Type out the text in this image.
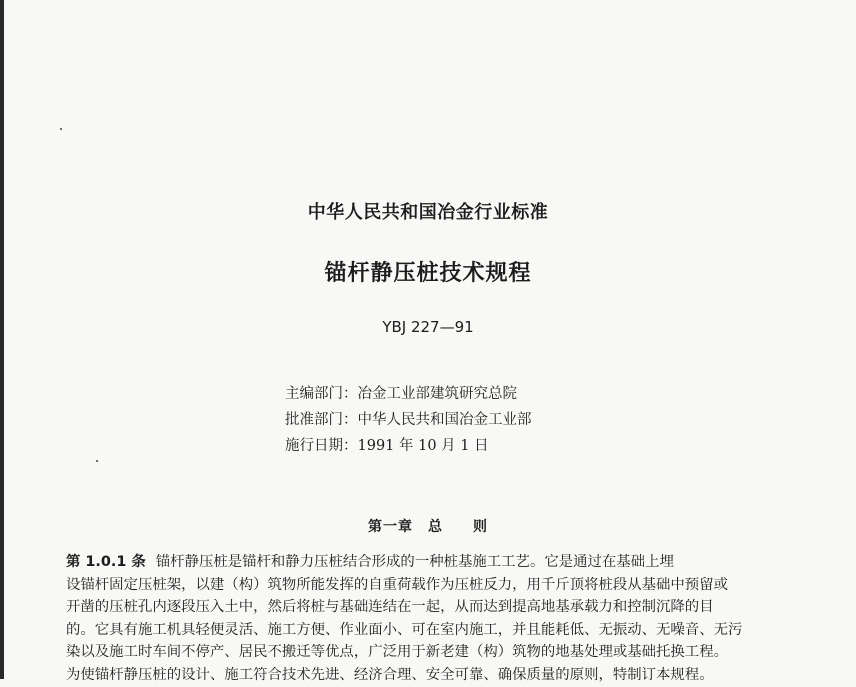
中华人民共和国冶金行业标准
锚杆静压桩技术规程
YBJ 227—91
主编部门：冶金工业部建筑研究总院
批准部门：中华人民共和国冶金工业部
施行日期：1991 年 10 月 1 日
第一章　总　　则
第 1.0.1 条 锚杆静压桩是锚杆和静力压桩结合形成的一种桩基施工工艺。它是通过在基础上埋
设锚杆固定压桩架，以建（构）筑物所能发挥的自重荷载作为压桩反力，用千斤顶将桩段从基础中预留或
开凿的压桩孔内逐段压入土中，然后将桩与基础连结在一起，从而达到提高地基承载力和控制沉降的目
的。它具有施工机具轻便灵活、施工方便、作业面小、可在室内施工，并且能耗低、无振动、无噪音、无污
染以及施工时车间不停产、居民不搬迁等优点，广泛用于新老建（构）筑物的地基处理或基础托换工程。
为使锚杆静压桩的设计、施工符合技术先进、经济合理、安全可靠、确保质量的原则，特制订本规程。
